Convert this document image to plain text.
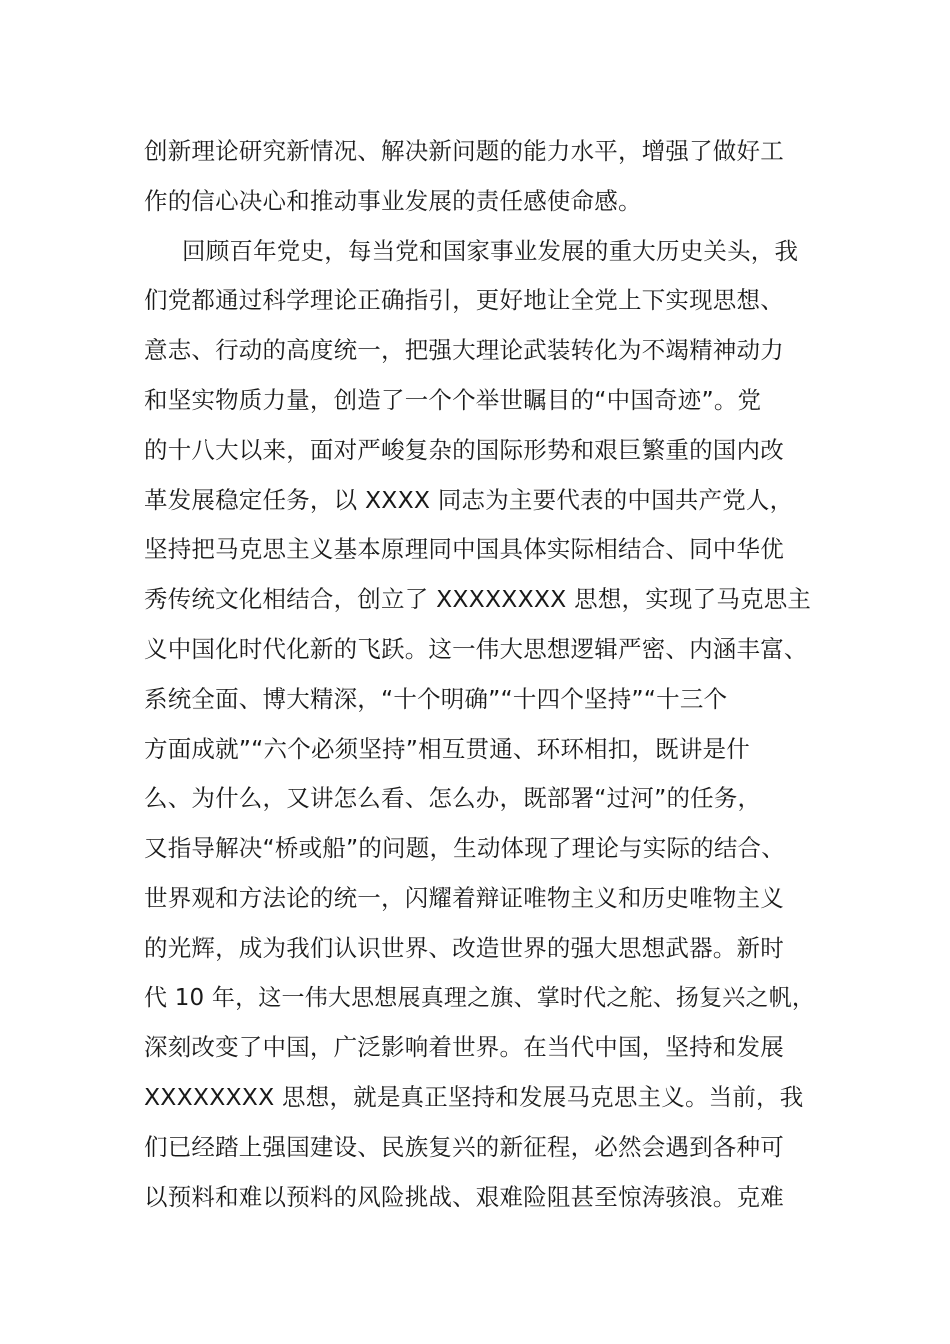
创新理论研究新情况、解决新问题的能力水平，增强了做好工
作的信心决心和推动事业发展的责任感使命感。
回顾百年党史，每当党和国家事业发展的重大历史关头，我
们党都通过科学理论正确指引，更好地让全党上下实现思想、
意志、行动的高度统一，把强大理论武装转化为不竭精神动力
和坚实物质力量，创造了一个个举世瞩目的“中国奇迹”。党
的十八大以来，面对严峻复杂的国际形势和艰巨繁重的国内改
革发展稳定任务，以 XXXX 同志为主要代表的中国共产党人，
坚持把马克思主义基本原理同中国具体实际相结合、同中华优
秀传统文化相结合，创立了 XXXXXXXX 思想，实现了马克思主
义中国化时代化新的飞跃。这一伟大思想逻辑严密、内涵丰富、
系统全面、博大精深，“十个明确”“十四个坚持”“十三个
方面成就”“六个必须坚持”相互贯通、环环相扣，既讲是什
么、为什么，又讲怎么看、怎么办，既部署“过河”的任务，
又指导解决“桥或船”的问题，生动体现了理论与实际的结合、
世界观和方法论的统一，闪耀着辩证唯物主义和历史唯物主义
的光辉，成为我们认识世界、改造世界的强大思想武器。新时
代 10 年，这一伟大思想展真理之旗、掌时代之舵、扬复兴之帆，
深刻改变了中国，广泛影响着世界。在当代中国，坚持和发展
XXXXXXXX 思想，就是真正坚持和发展马克思主义。当前，我
们已经踏上强国建设、民族复兴的新征程，必然会遇到各种可
以预料和难以预料的风险挑战、艰难险阻甚至惊涛骇浪。克难
